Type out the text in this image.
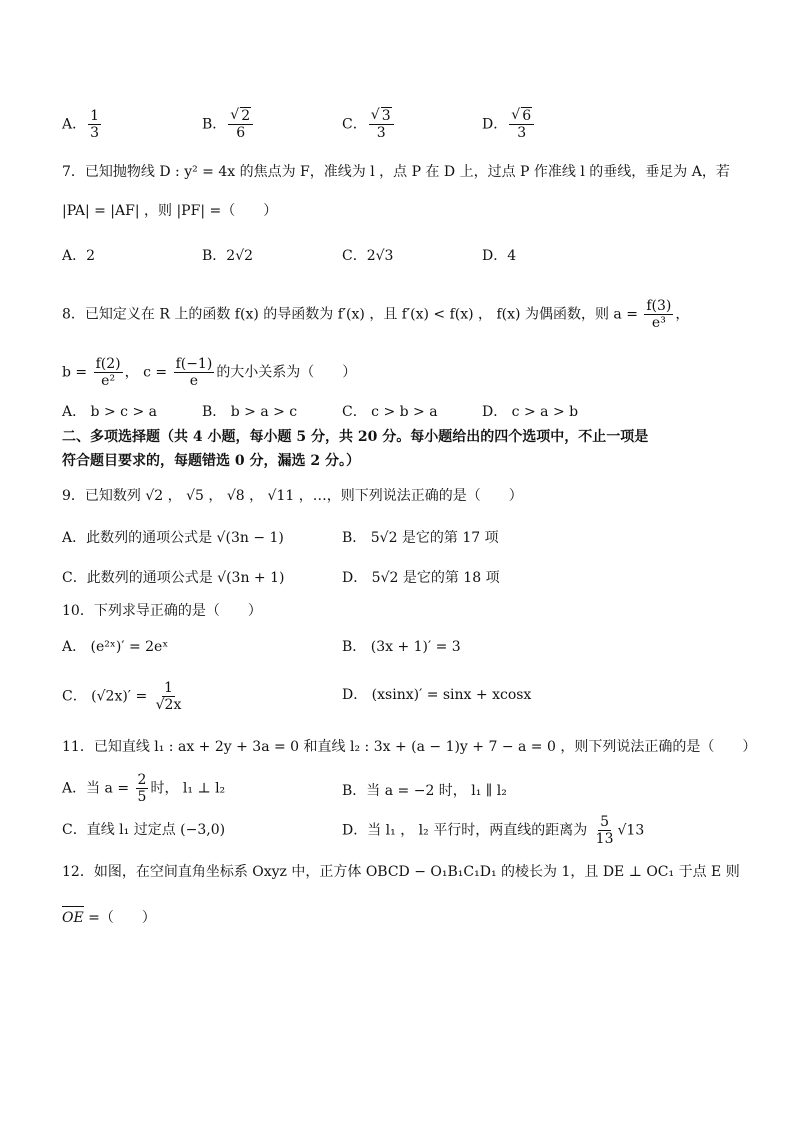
A． $\frac{1}{3}$	B． √ $\frac{2}{6}$	C． √ $\frac{3}{3}$	D． √ $\frac{6}{3}$
7．已知抛物线 D : y² = 4x 的焦点为 F，准线为 l ，点 P 在 D 上，过点 P 作准线 l 的垂线，垂足为 A，若
|PA| = |AF| ，则 |PF| =（　　）
A．2	B．2√2	C．2√3	D．4
8．已知定义在 R 上的函数 f(x) 的导函数为 f′(x) ，且 f′(x) < f(x) ， f(x) 为偶函数，则 $a = \frac{f(3)}{\text{e³}}$ ，
$b = \frac{f(2)}{\text{e²}}$ ， $c = \frac{f(-1)}{e}$ 的大小关系为（　　）
A． b > c > a	B． b > a > c	C． c > b > a	D． c > a > b
二、多项选择题（共 4 小题，每小题 5 分，共 20 分。每小题给出的四个选项中，不止一项是
符合题目要求的，每题错选 0 分，漏选 2 分。）
9．已知数列 √2 ， √5 ， √8 ， √11 ，…，则下列说法正确的是（　　）
A．此数列的通项公式是 √(3n − 1)	B． 5√2 是它的第 17 项
C．此数列的通项公式是 √(3n + 1)	D． 5√2 是它的第 18 项
10．下列求导正确的是（　　）
A． (e²ˣ)′ = 2eˣ	B． (3x + 1)′ = 3
C． $(√2x)' = \frac{1}{√2x}$	D． (xsinx)′ = sinx + xcosx
11．已知直线 l₁ : ax + 2y + 3a = 0 和直线 l₂ : 3x + (a − 1)y + 7 − a = 0 ，则下列说法正确的是（　　）
A．当 $a = \frac{2}{5}$ 时， l₁ ⊥ l₂	B．当 a = −2 时， l₁ ∥ l₂
C．直线 l₁ 过定点 (−3,0)	D．当 l₁ ， l₂ 平行时，两直线的距离为 $\frac{5}{13} √13$
12．如图，在空间直角坐标系 Oxyz 中，正方体 OBCD − O₁B₁C₁D₁ 的棱长为 1，且 DE ⊥ OC₁ 于点 E 则
OE =（　　）
